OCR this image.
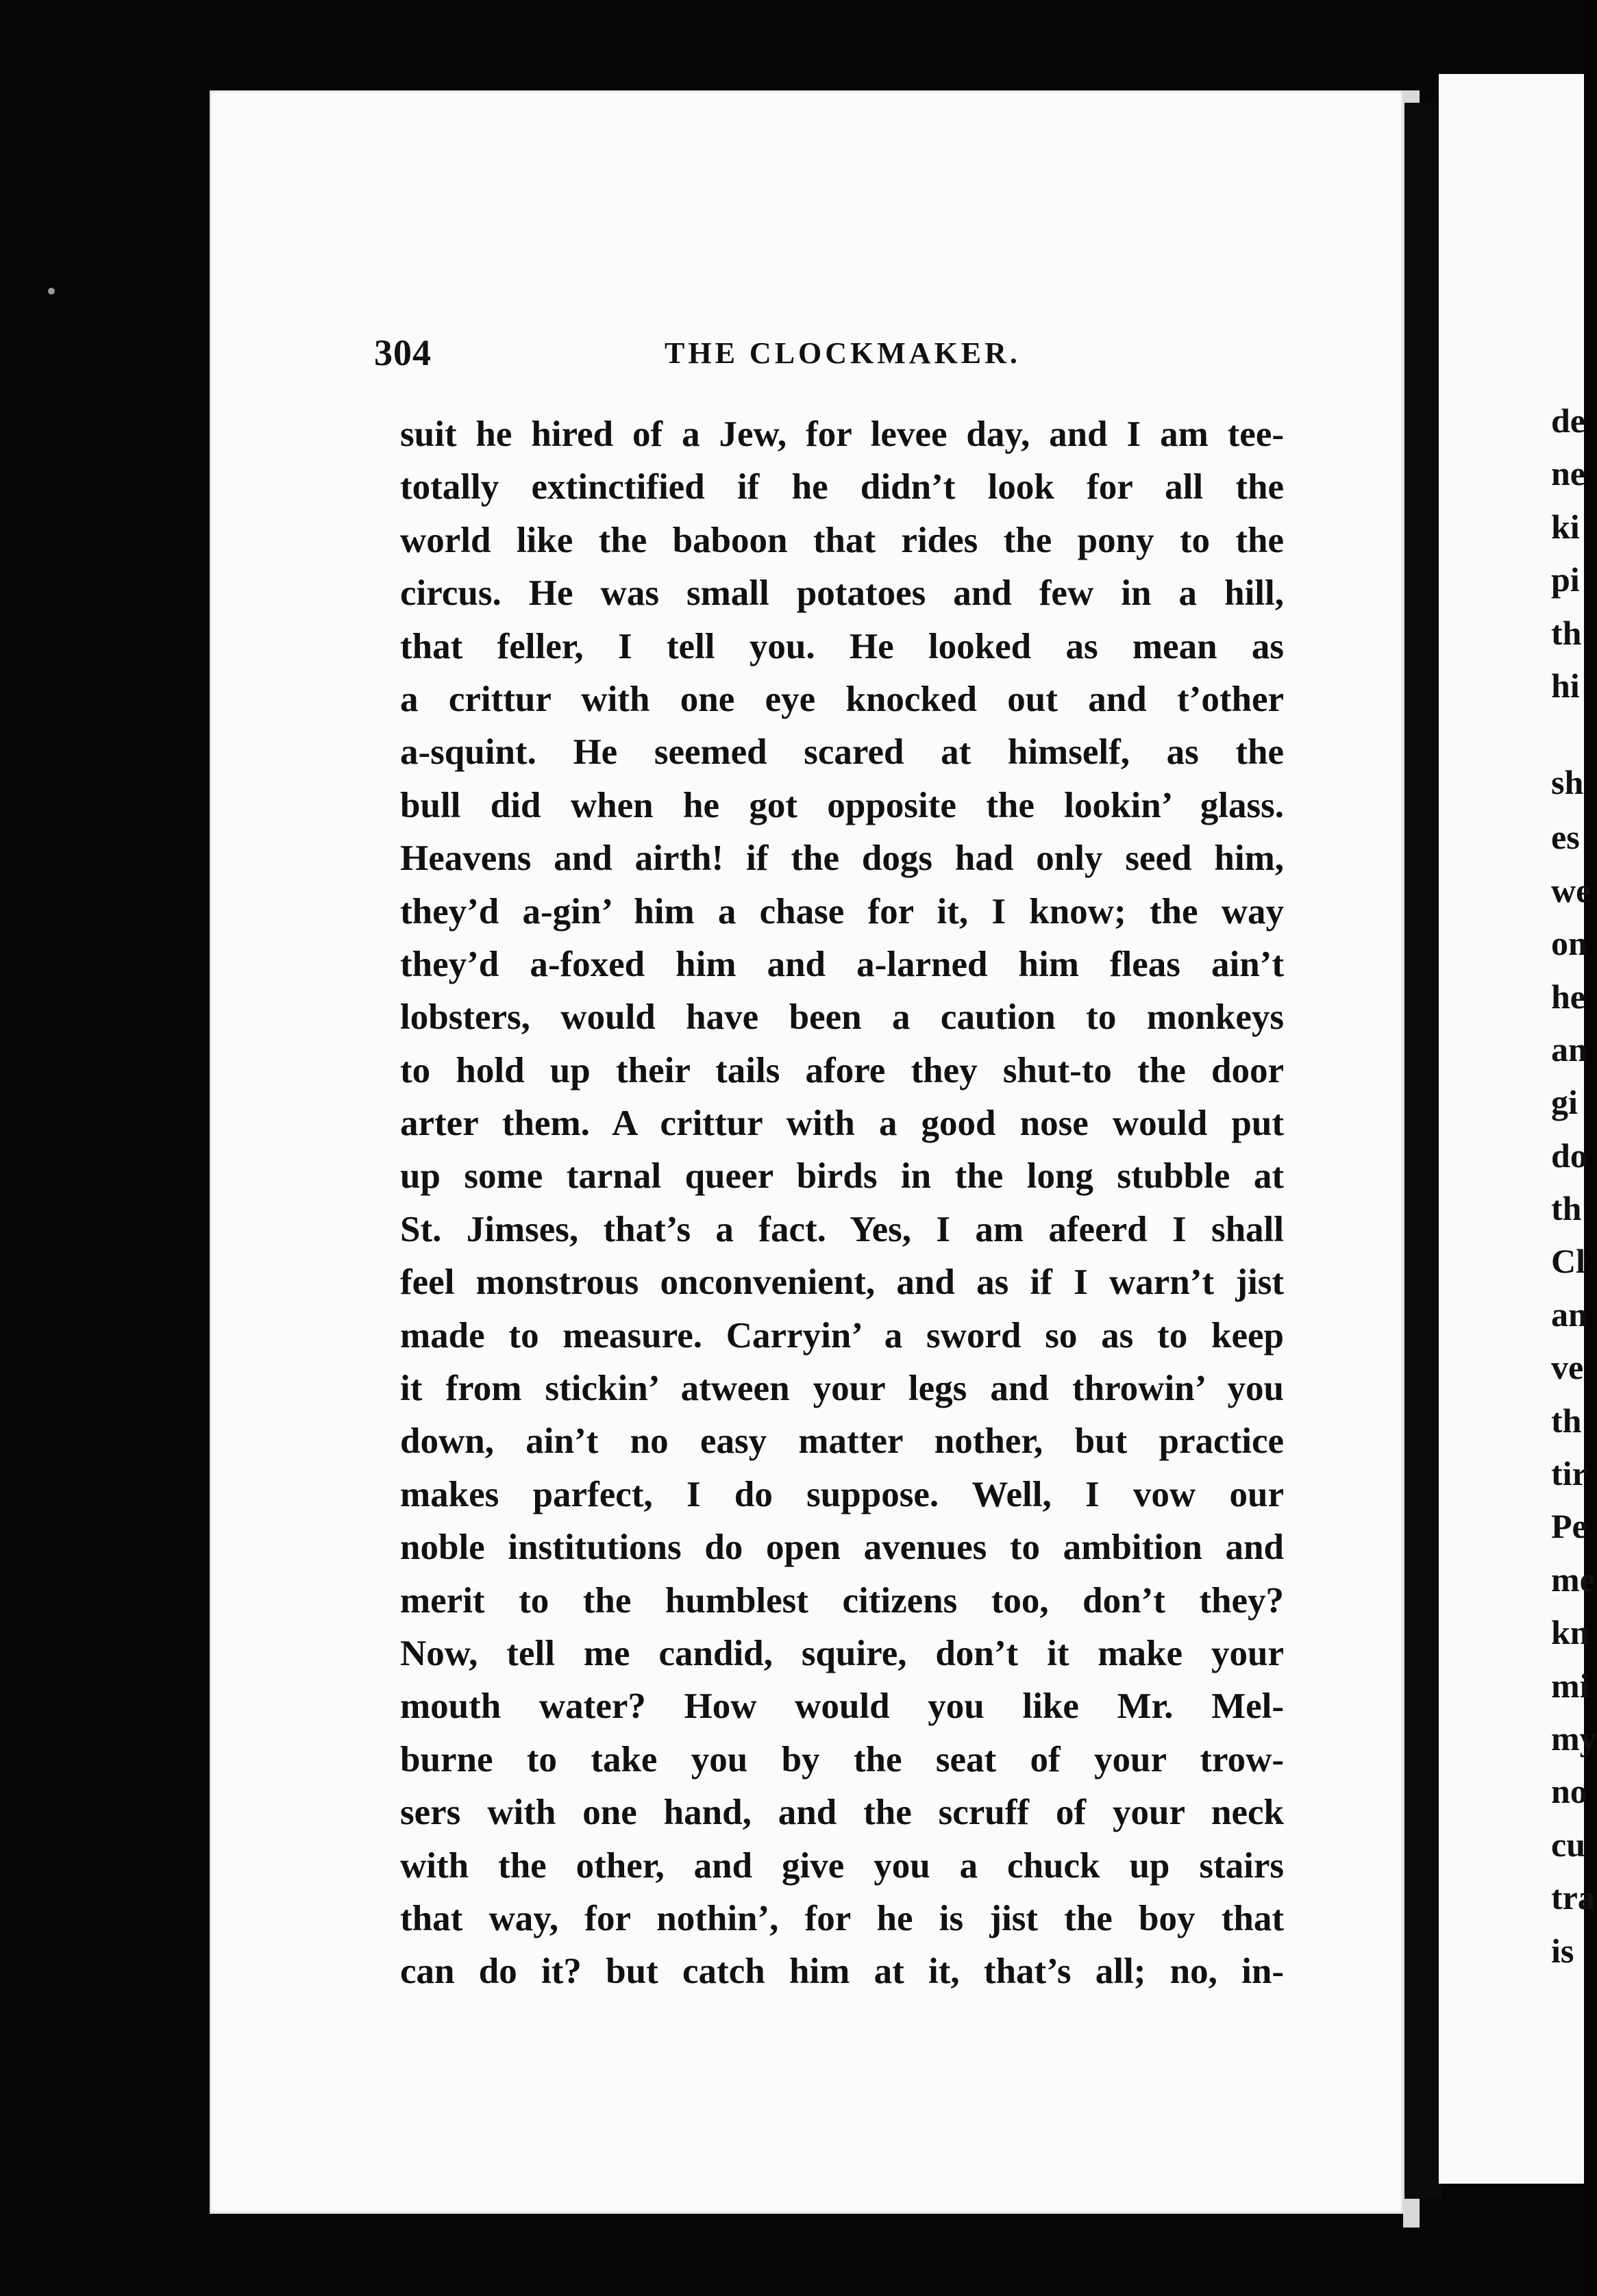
304	THE CLOCKMAKER.
suit he hired of a Jew, for levee day, and I am tee-
totally extinctified if he didn’t look for all the
world like the baboon that rides the pony to the
circus. He was small potatoes and few in a hill,
that feller, I tell you. He looked as mean as
a crittur with one eye knocked out and t’other
a-squint. He seemed scared at himself, as the
bull did when he got opposite the lookin’ glass.
Heavens and airth! if the dogs had only seed him,
they’d a-gin’ him a chase for it, I know; the way
they’d a-foxed him and a-larned him fleas ain’t
lobsters, would have been a caution to monkeys
to hold up their tails afore they shut-to the door
arter them. A crittur with a good nose would put
up some tarnal queer birds in the long stubble at
St. Jimses, that’s a fact. Yes, I am afeerd I shall
feel monstrous onconvenient, and as if I warn’t jist
made to measure. Carryin’ a sword so as to keep
it from stickin’ atween your legs and throwin’ you
down, ain’t no easy matter nother, but practice
makes parfect, I do suppose. Well, I vow our
noble institutions do open avenues to ambition and
merit to the humblest citizens too, don’t they?
Now, tell me candid, squire, don’t it make your
mouth water? How would you like Mr. Mel-
burne to take you by the seat of your trow-
sers with one hand, and the scruff of your neck
with the other, and give you a chuck up stairs
that way, for nothin’, for he is jist the boy that
can do it? but catch him at it, that’s all; no, in-
de
ne
ki
pi
th
hi
sh
es
we
on
he
an
gi
do
th
Cl
an
ve
th
tir
Pe
me
kn
mi
my
no
cu
tra
is
